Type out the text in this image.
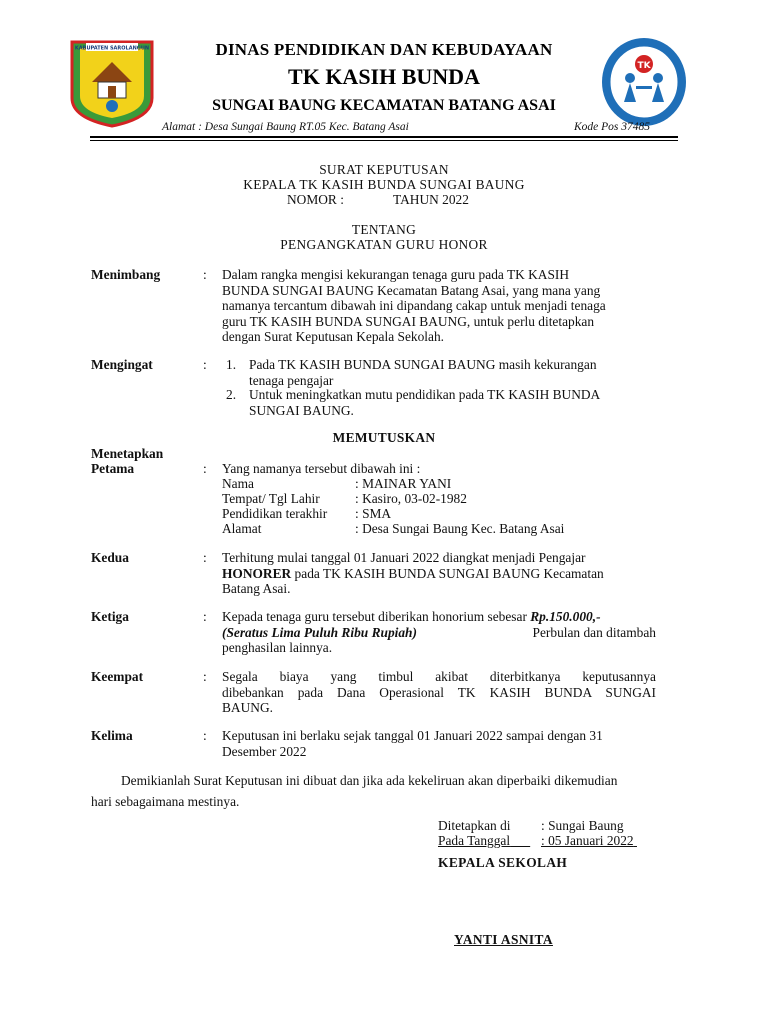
KABUPATEN SAROLANGUN
TK
DINAS PENDIDIKAN DAN KEBUDAYAAN
TK KASIH BUNDA
SUNGAI BAUNG KECAMATAN BATANG ASAI
Alamat : Desa Sungai Baung RT.05 Kec. Batang Asai	Kode Pos 37485
SURAT KEPUTUSAN
KEPALA TK KASIH BUNDA SUNGAI BAUNG
NOMOR :	TAHUN 2022
TENTANG
PENGANGKATAN GURU HONOR
Menimbang	: Dalam rangka mengisi kekurangan tenaga guru pada TK KASIH
BUNDA SUNGAI BAUNG Kecamatan Batang Asai, yang mana yang
namanya tercantum dibawah ini dipandang cakap untuk menjadi tenaga
guru TK KASIH BUNDA SUNGAI BAUNG, untuk perlu ditetapkan
dengan Surat Keputusan Kepala Sekolah.
Mengingat	: 1. Pada TK KASIH BUNDA SUNGAI BAUNG masih kekurangan
tenaga pengajar
2. Untuk meningkatkan mutu pendidikan pada TK KASIH BUNDA
SUNGAI BAUNG.
MEMUTUSKAN
Menetapkan
Petama	: Yang namanya tersebut dibawah ini :
Nama	: MAINAR YANI
Tempat/ Tgl Lahir	: Kasiro, 03-02-1982
Pendidikan terakhir : SMA
Alamat	: Desa Sungai Baung Kec. Batang Asai
Kedua	: Terhitung mulai tanggal 01 Januari 2022 diangkat menjadi Pengajar
HONORER pada TK KASIH BUNDA SUNGAI BAUNG Kecamatan
Batang Asai.
Ketiga	: Kepada tenaga guru tersebut diberikan honorium sebesar Rp.150.000,-
(Seratus Lima Puluh Ribu Rupiah)	Perbulan dan ditambah
penghasilan lainnya.
Keempat	: Segala biaya yang timbul akibat diterbitkanya keputusannya
dibebankan pada Dana Operasional TK KASIH BUNDA SUNGAI
BAUNG.
Kelima	: Keputusan ini berlaku sejak tanggal 01 Januari 2022 sampai dengan 31
Desember 2022
Demikianlah Surat Keputusan ini dibuat dan jika ada kekeliruan akan diperbaiki dikemudian
hari sebagaimana mestinya.
Ditetapkan di : Sungai Baung
Pada Tanggal	: 05 Januari 2022
KEPALA SEKOLAH
YANTI ASNITA
